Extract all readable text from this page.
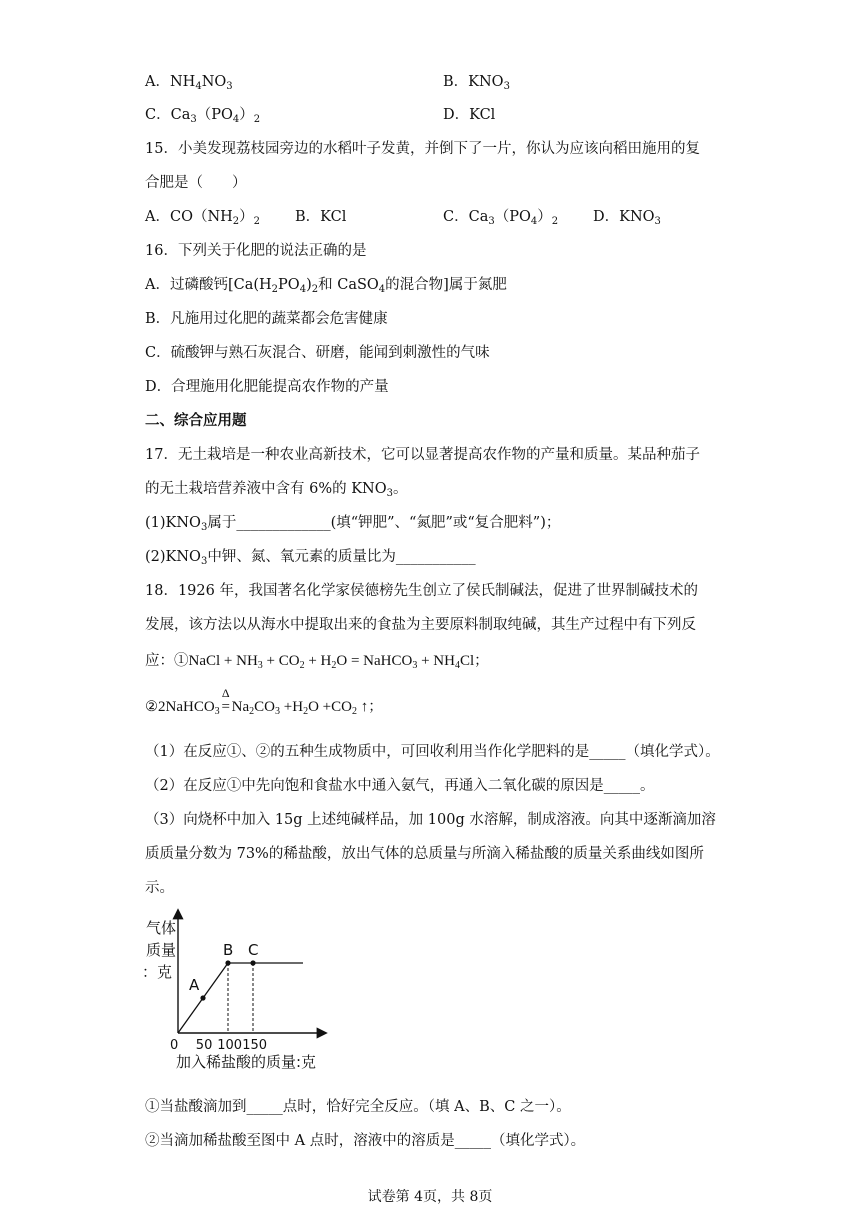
A．$NH_4NO_3$	B．$KNO_3$
C．$Ca_3(PO_4)_2$	D．KCl
15．小美发现荔枝园旁边的水稻叶子发黄，并倒下了一片，你认为应该向稻田施用的复
合肥是（　　）
A．$CO(NH_2)_2$ B．KCl	C．$Ca_3(PO_4)_2$ D．$KNO_3$
16．下列关于化肥的说法正确的是
A．过磷酸钙[$Ca(H_2PO_4)_2$和 CaSO$_4$的混合物]属于氮肥
B．凡施用过化肥的蔬菜都会危害健康
C．硫酸钾与熟石灰混合、研磨，能闻到刺激性的气味
D．合理施用化肥能提高农作物的产量
二、综合应用题
17．无土栽培是一种农业高新技术，它可以显著提高农作物的产量和质量。某品种茄子
的无土栽培营养液中含有 6%的 $KNO_3$。
$(1)KNO_3$属于_____________(填“钾肥”、“氮肥”或“复合肥料”)；
$(2)KNO_3$中钾、氮、氧元素的质量比为___________
18．1926 年，我国著名化学家侯德榜先生创立了侯氏制碱法，促进了世界制碱技术的
发展，该方法以从海水中提取出来的食盐为主要原料制取纯碱，其生产过程中有下列反
应：①NaCl + $NH_3 + CO_2 + H_2O$ = NaHCO$_3$ + $NH_4Cl$；
②2NaHCO$_3$
Δ
= $Na_2CO_3 +H_2O +CO_2$ ↑；
（1）在反应①、②的五种生成物质中，可回收利用当作化学肥料的是_____（填化学式）。
（2）在反应①中先向饱和食盐水中通入氨气，再通入二氧化碳的原因是_____。
（3）向烧杯中加入 15g 上述纯碱样品，加 100g 水溶解，制成溶液。向其中逐渐滴加溶
质质量分数为 73%的稀盐酸，放出气体的总质量与所滴入稀盐酸的质量关系曲线如图所
示。
气体
质量
：克
0
A
B C
50 100 150
加入稀盐酸的质量:克
①当盐酸滴加到_____点时，恰好完全反应。（填 A、B、C 之一）。
②当滴加稀盐酸至图中 A 点时，溶液中的溶质是_____（填化学式）。
试卷第 4页，共 8页
